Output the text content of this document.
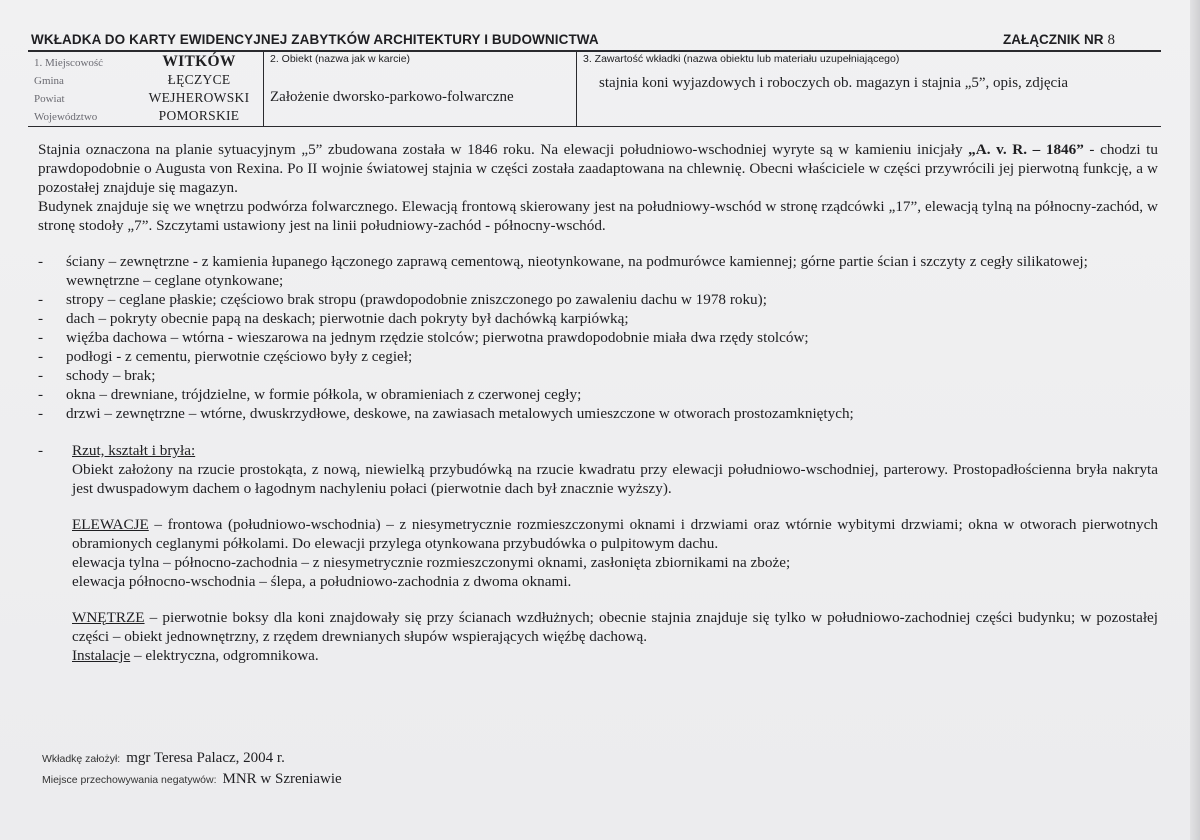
WKŁADKA DO KARTY EWIDENCYJNEJ ZABYTKÓW ARCHITEKTURY I BUDOWNICTWA	ZAŁĄCZNIK NR 8
1. Miejscowość	WITKÓW
Gmina	ŁĘCZYCE
Powiat	WEJHEROWSKI
Województwo	POMORSKIE
2. Obiekt (nazwa jak w karcie)
Założenie dworsko-parkowo-folwarczne
3. Zawartość wkładki (nazwa obiektu lub materiału uzupełniającego)
stajnia koni wyjazdowych i roboczych ob. magazyn i stajnia „5”, opis, zdjęcia
Stajnia oznaczona na planie sytuacyjnym „5” zbudowana została w 1846 roku. Na elewacji południowo-wschodniej wyryte są w kamieniu inicjały „A. v. R. – 1846” - chodzi tu prawdopodobnie o Augusta von Rexina. Po II wojnie światowej stajnia w części została zaadaptowana na chlewnię. Obecni właściciele w części przywrócili jej pierwotną funkcję, a w pozostałej znajduje się magazyn.
Budynek znajduje się we wnętrzu podwórza folwarcznego. Elewacją frontową skierowany jest na południowy-wschód w stronę rządcówki „17”, elewacją tylną na północny-zachód, w stronę stodoły „7”. Szczytami ustawiony jest na linii południowy-zachód - północny-wschód.
- ściany – zewnętrzne - z kamienia łupanego łączonego zaprawą cementową, nieotynkowane, na podmurówce kamiennej; górne partie ścian i szczyty z cegły silikatowej; wewnętrzne – ceglane otynkowane;
- stropy – ceglane płaskie; częściowo brak stropu (prawdopodobnie zniszczonego po zawaleniu dachu w 1978 roku);
- dach – pokryty obecnie papą na deskach; pierwotnie dach pokryty był dachówką karpiówką;
- więźba dachowa – wtórna - wieszarowa na jednym rzędzie stolców; pierwotna prawdopodobnie miała dwa rzędy stolców;
- podłogi - z cementu, pierwotnie częściowo były z cegieł;
- schody – brak;
- okna – drewniane, trójdzielne, w formie półkola, w obramieniach z czerwonej cegły;
- drzwi – zewnętrzne – wtórne, dwuskrzydłowe, deskowe, na zawiasach metalowych umieszczone w otworach prostozamkniętych;
- Rzut, kształt i bryła:
Obiekt założony na rzucie prostokąta, z nową, niewielką przybudówką na rzucie kwadratu przy elewacji południowo-wschodniej, parterowy. Prostopadłościenna bryła nakryta jest dwuspadowym dachem o łagodnym nachyleniu połaci (pierwotnie dach był znacznie wyższy).
ELEWACJE – frontowa (południowo-wschodnia) – z niesymetrycznie rozmieszczonymi oknami i drzwiami oraz wtórnie wybitymi drzwiami; okna w otworach pierwotnych obramionych ceglanymi półkolami. Do elewacji przylega otynkowana przybudówka o pulpitowym dachu.
elewacja tylna – północno-zachodnia – z niesymetrycznie rozmieszczonymi oknami, zasłonięta zbiornikami na zboże;
elewacja północno-wschodnia – ślepa, a południowo-zachodnia z dwoma oknami.
WNĘTRZE – pierwotnie boksy dla koni znajdowały się przy ścianach wzdłużnych; obecnie stajnia znajduje się tylko w południowo-zachodniej części budynku; w pozostałej części – obiekt jednownętrzny, z rzędem drewnianych słupów wspierających więźbę dachową.
Instalacje – elektryczna, odgromnikowa.
Wkładkę założył: mgr Teresa Palacz, 2004 r.
Miejsce przechowywania negatywów: MNR w Szreniawie
